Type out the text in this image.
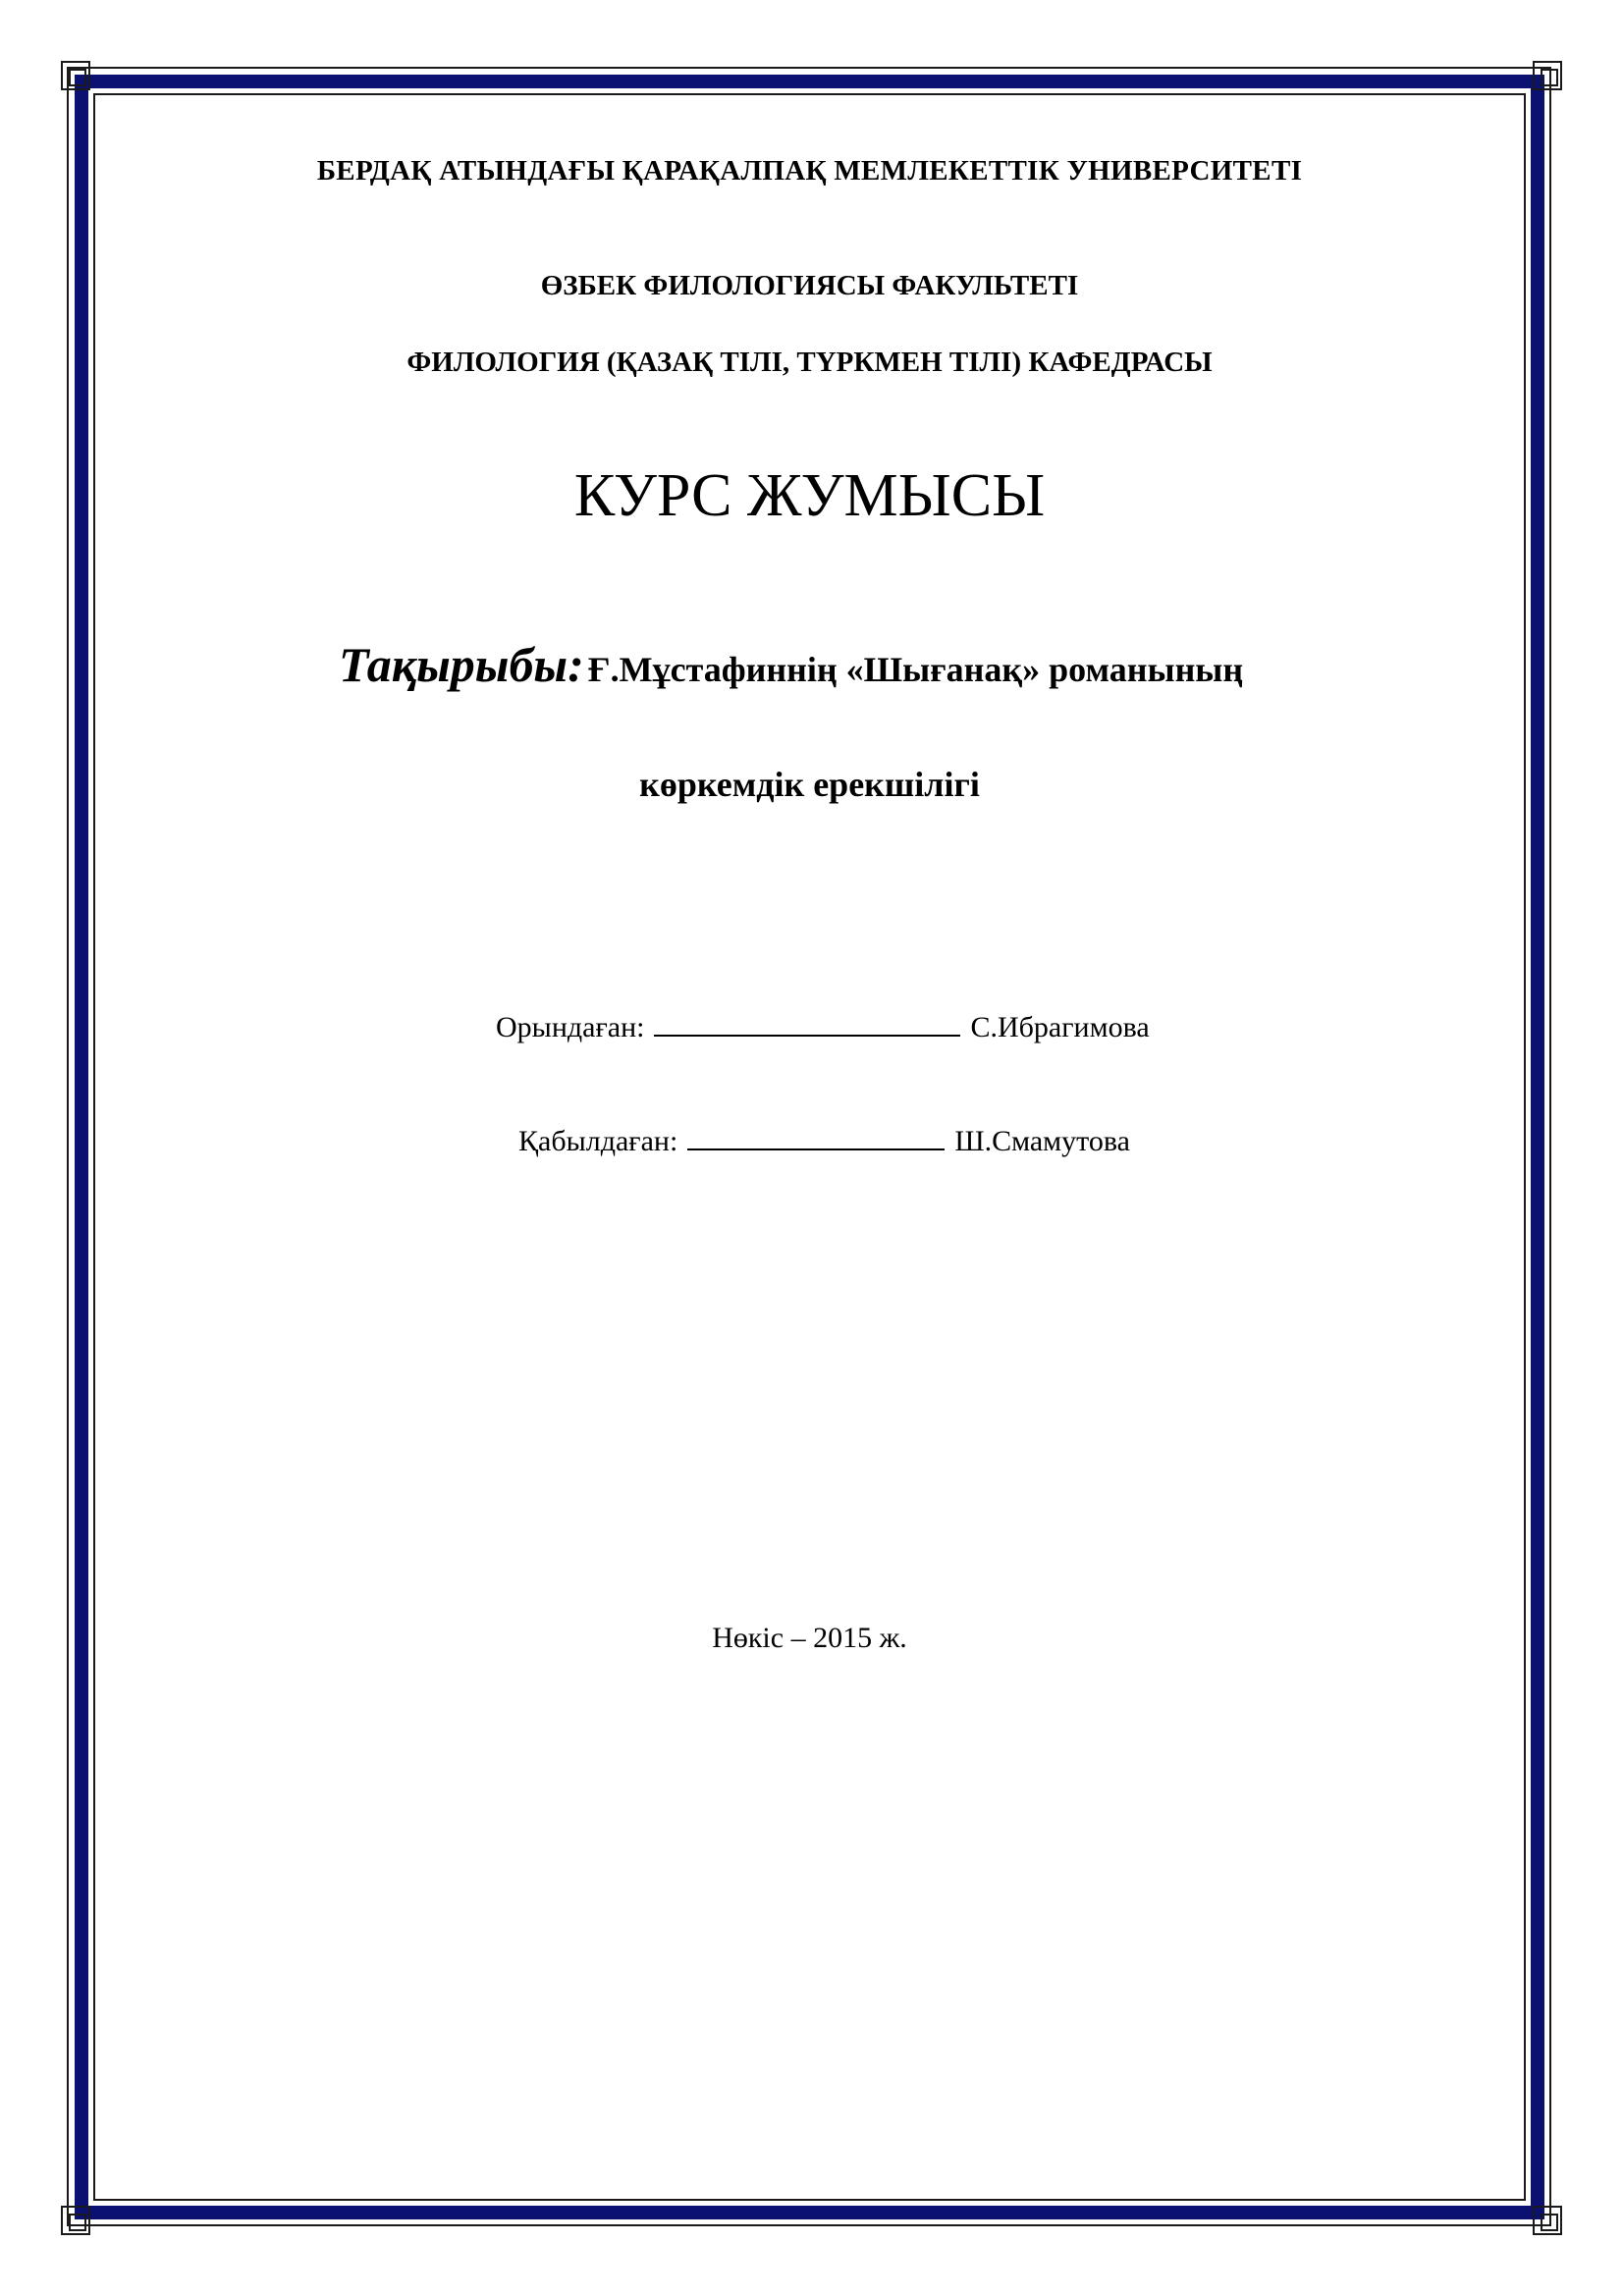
БЕРДАҚ АТЫНДАҒЫ ҚАРАҚАЛПАҚ МЕМЛЕКЕТТІК УНИВЕРСИТЕТІ
ӨЗБЕК ФИЛОЛОГИЯСЫ ФАКУЛЬТЕТІ
ФИЛОЛОГИЯ (ҚАЗАҚ ТІЛІ, ТҮРКМЕН ТІЛІ) КАФЕДРАСЫ
КУРС ЖУМЫСЫ
Тақырыбы: Ғ.Мұстафиннің «Шығанақ» романының
көркемдік ерекшілігі
Орындаған:	С.Ибрагимова
Қабылдаған:	Ш.Смамутова
Нөкіс – 2015 ж.
